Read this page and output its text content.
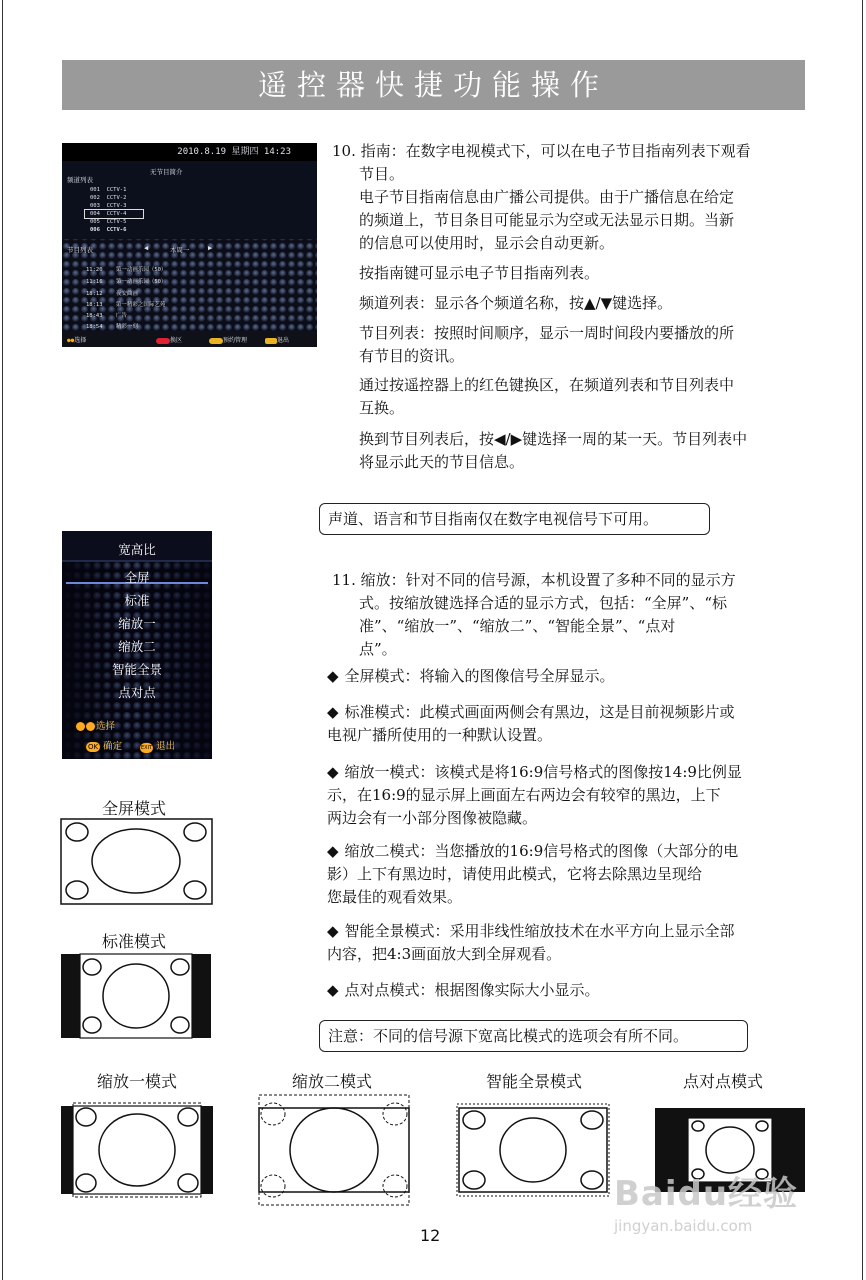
遥控器快捷功能操作
2010.8.19 星期四 14:23
无节目简介
频道列表
001 CCTV-1
002 CCTV-2
003 CCTV-3
004 CCTV-4
005 CCTV-5
006 CCTV-6
节目列表	◀	本周一	▶
11:20 第一动画乐园（50）
11:16 第一动画乐园（50）
18:12 夜安曲画
18:13 第一精彩之国际艺苑
18:43 广告
18:54 精彩一刻
●●选择	换区	预约管理	退出
10. 指南：在数字电视模式下，可以在电子节目指南列表下观看
节目。
电子节目指南信息由广播公司提供。由于广播信息在给定
的频道上，节目条目可能显示为空或无法显示日期。当新
的信息可以使用时，显示会自动更新。
按指南键可显示电子节目指南列表。
频道列表：显示各个频道名称，按▲/▼键选择。
节目列表：按照时间顺序，显示一周时间段内要播放的所
有节目的资讯。
通过按遥控器上的红色键换区，在频道列表和节目列表中
互换。
换到节目列表后，按◀/▶键选择一周的某一天。节目列表中
将显示此天的节目信息。
声道、语言和节目指南仅在数字电视信号下可用。
宽高比
全屏
标准
缩放一
缩放二
智能全景
点对点
选择
OK 确定	EXIT 退出
11. 缩放：针对不同的信号源，本机设置了多种不同的显示方
式。按缩放键选择合适的显示方式，包括：“全屏”、“标
准”、“缩放一”、“缩放二”、“智能全景”、“点对
点”。
◆ 全屏模式：将输入的图像信号全屏显示。
◆ 标准模式：此模式画面两侧会有黑边，这是目前视频影片或
电视广播所使用的一种默认设置。
◆ 缩放一模式：该模式是将16:9信号格式的图像按14:9比例显
示，在16:9的显示屏上画面左右两边会有较窄的黑边，上下
两边会有一小部分图像被隐藏。
◆ 缩放二模式：当您播放的16:9信号格式的图像（大部分的电
影）上下有黑边时，请使用此模式，它将去除黑边呈现给
您最佳的观看效果。
◆ 智能全景模式：采用非线性缩放技术在水平方向上显示全部
内容，把4:3画面放大到全屏观看。
◆ 点对点模式：根据图像实际大小显示。
注意：不同的信号源下宽高比模式的选项会有所不同。
全屏模式
标准模式
缩放一模式	缩放二模式	智能全景模式	点对点模式
12
Baidu经验
jingyan.baidu.com
